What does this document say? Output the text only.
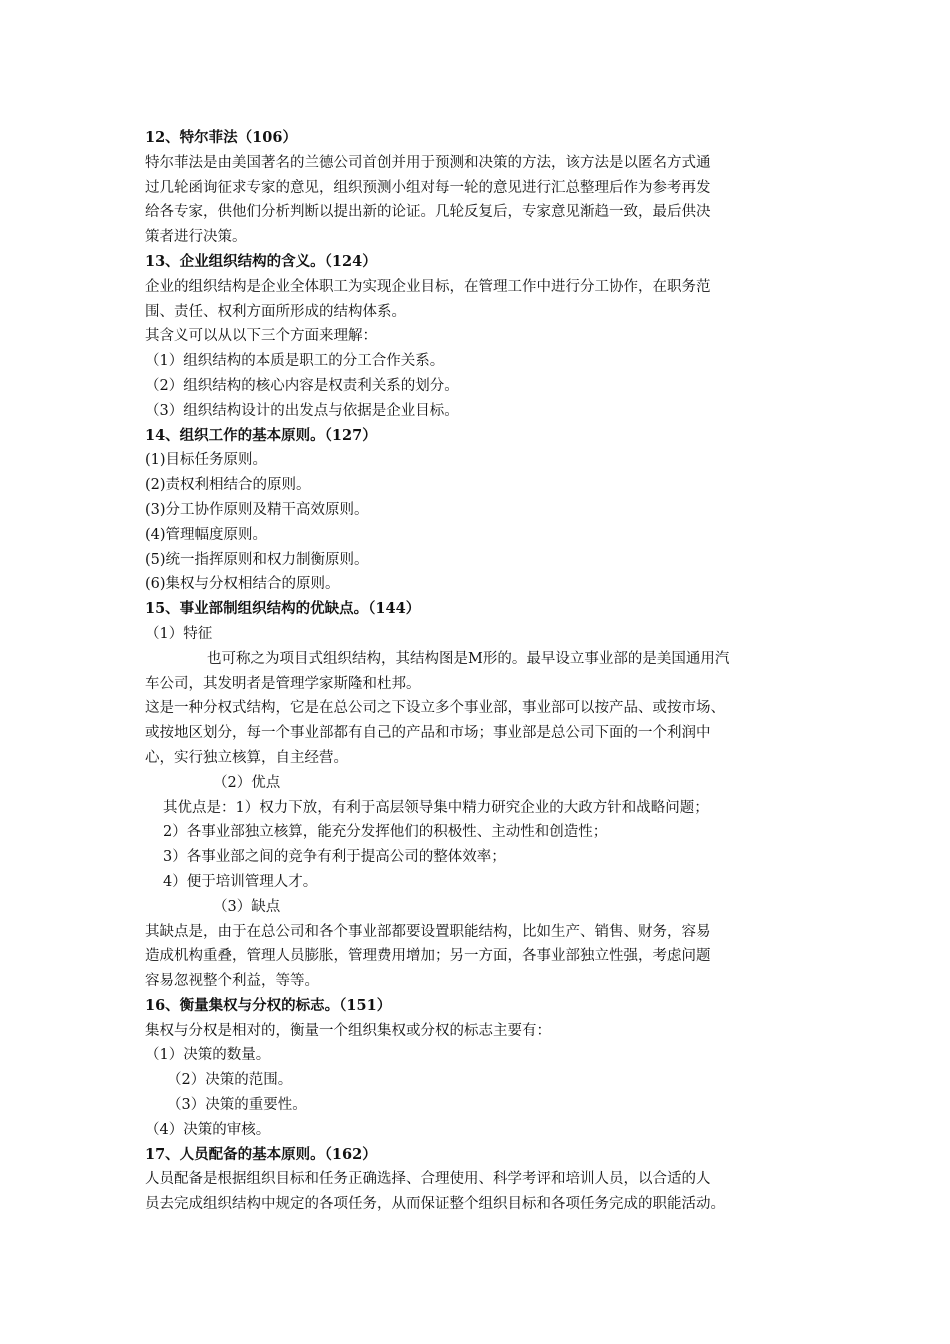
12、特尔菲法（106）
特尔菲法是由美国著名的兰德公司首创并用于预测和决策的方法，该方法是以匿名方式通
过几轮函询征求专家的意见，组织预测小组对每一轮的意见进行汇总整理后作为参考再发
给各专家，供他们分析判断以提出新的论证。几轮反复后，专家意见渐趋一致，最后供决
策者进行决策。
13、企业组织结构的含义。（124）
企业的组织结构是企业全体职工为实现企业目标，在管理工作中进行分工协作，在职务范
围、责任、权利方面所形成的结构体系。
其含义可以从以下三个方面来理解：
（1）组织结构的本质是职工的分工合作关系。
（2）组织结构的核心内容是权责利关系的划分。
（3）组织结构设计的出发点与依据是企业目标。
14、组织工作的基本原则。（127）
(1)目标任务原则。
(2)责权利相结合的原则。
(3)分工协作原则及精干高效原则。
(4)管理幅度原则。
(5)统一指挥原则和权力制衡原则。
(6)集权与分权相结合的原则。
15、事业部制组织结构的优缺点。（144）
（1）特征
也可称之为项目式组织结构，其结构图是M形的。最早设立事业部的是美国通用汽
车公司，其发明者是管理学家斯隆和杜邦。
这是一种分权式结构，它是在总公司之下设立多个事业部，事业部可以按产品、或按市场、
或按地区划分，每一个事业部都有自己的产品和市场；事业部是总公司下面的一个利润中
心，实行独立核算，自主经营。
（2）优点
其优点是：1）权力下放，有利于高层领导集中精力研究企业的大政方针和战略问题；
2）各事业部独立核算，能充分发挥他们的积极性、主动性和创造性；
3）各事业部之间的竞争有利于提高公司的整体效率；
4）便于培训管理人才。
（3）缺点
其缺点是，由于在总公司和各个事业部都要设置职能结构，比如生产、销售、财务，容易
造成机构重叠，管理人员膨胀，管理费用增加；另一方面，各事业部独立性强，考虑问题
容易忽视整个利益，等等。
16、衡量集权与分权的标志。（151）
集权与分权是相对的，衡量一个组织集权或分权的标志主要有：
（1）决策的数量。
（2）决策的范围。
（3）决策的重要性。
（4）决策的审核。
17、人员配备的基本原则。（162）
人员配备是根据组织目标和任务正确选择、合理使用、科学考评和培训人员，以合适的人
员去完成组织结构中规定的各项任务，从而保证整个组织目标和各项任务完成的职能活动。
